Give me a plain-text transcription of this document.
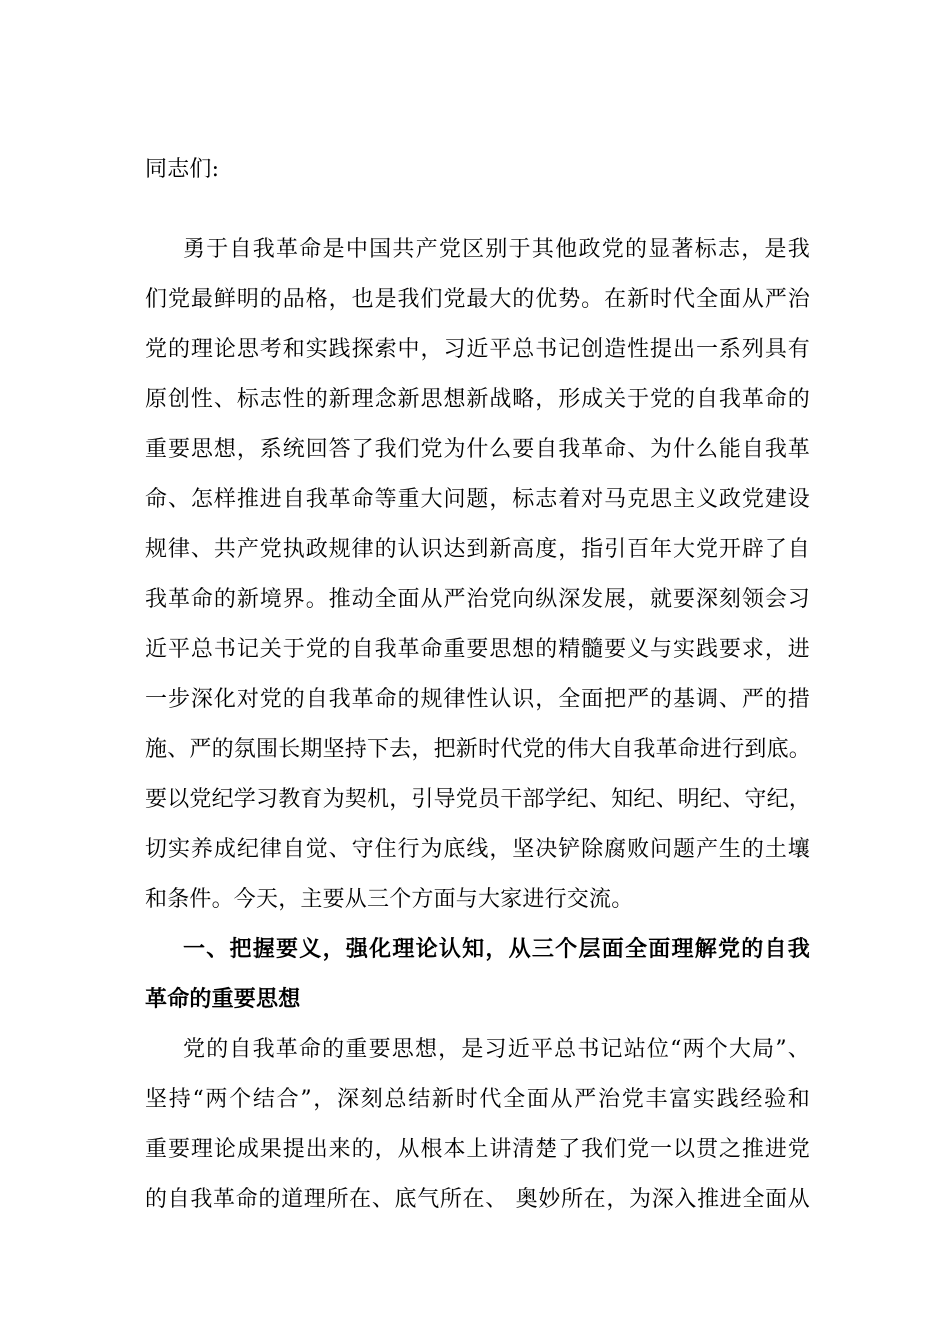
同志们:
勇于自我革命是中国共产党区别于其他政党的显著标志，是我
们党最鲜明的品格，也是我们党最大的优势。在新时代全面从严治
党的理论思考和实践探索中，习近平总书记创造性提出一系列具有
原创性、标志性的新理念新思想新战略，形成关于党的自我革命的
重要思想，系统回答了我们党为什么要自我革命、为什么能自我革
命、怎样推进自我革命等重大问题，标志着对马克思主义政党建设
规律、共产党执政规律的认识达到新高度，指引百年大党开辟了自
我革命的新境界。推动全面从严治党向纵深发展，就要深刻领会习
近平总书记关于党的自我革命重要思想的精髓要义与实践要求，进
一步深化对党的自我革命的规律性认识，全面把严的基调、严的措
施、严的氛围长期坚持下去，把新时代党的伟大自我革命进行到底。
要以党纪学习教育为契机，引导党员干部学纪、知纪、明纪、守纪，
切实养成纪律自觉、守住行为底线，坚决铲除腐败问题产生的土壤
和条件。今天，主要从三个方面与大家进行交流。
一、把握要义，强化理论认知，从三个层面全面理解党的自我
革命的重要思想
党的自我革命的重要思想，是习近平总书记站位“两个大局”、
坚持“两个结合”，深刻总结新时代全面从严治党丰富实践经验和
重要理论成果提出来的，从根本上讲清楚了我们党一以贯之推进党
的自我革命的道理所在、底气所在、 奥妙所在，为深入推进全面从
